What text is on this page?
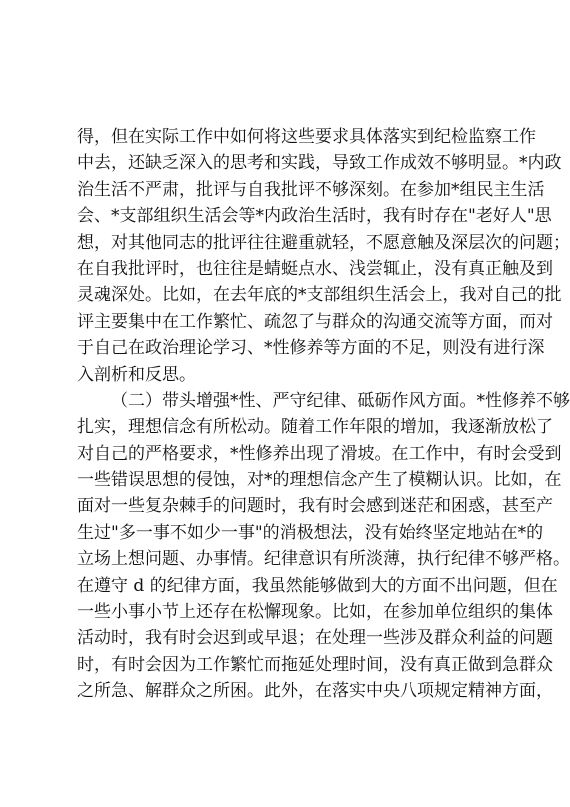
得，但在实际工作中如何将这些要求具体落实到纪检监察工作
中去，还缺乏深入的思考和实践，导致工作成效不够明显。*内政
治生活不严肃，批评与自我批评不够深刻。在参加*组民主生活
会、*支部组织生活会等*内政治生活时，我有时存在"老好人"思
想，对其他同志的批评往往避重就轻，不愿意触及深层次的问题；
在自我批评时，也往往是蜻蜓点水、浅尝辄止，没有真正触及到
灵魂深处。比如，在去年底的*支部组织生活会上，我对自己的批
评主要集中在工作繁忙、疏忽了与群众的沟通交流等方面，而对
于自己在政治理论学习、*性修养等方面的不足，则没有进行深
入剖析和反思。
（二）带头增强*性、严守纪律、砥砺作风方面。*性修养不够
扎实，理想信念有所松动。随着工作年限的增加，我逐渐放松了
对自己的严格要求，*性修养出现了滑坡。在工作中，有时会受到
一些错误思想的侵蚀，对*的理想信念产生了模糊认识。比如，在
面对一些复杂棘手的问题时，我有时会感到迷茫和困惑，甚至产
生过"多一事不如少一事"的消极想法，没有始终坚定地站在*的
立场上想问题、办事情。纪律意识有所淡薄，执行纪律不够严格。
在遵守 d 的纪律方面，我虽然能够做到大的方面不出问题，但在
一些小事小节上还存在松懈现象。比如，在参加单位组织的集体
活动时，我有时会迟到或早退；在处理一些涉及群众利益的问题
时，有时会因为工作繁忙而拖延处理时间，没有真正做到急群众
之所急、解群众之所困。此外，在落实中央八项规定精神方面，
